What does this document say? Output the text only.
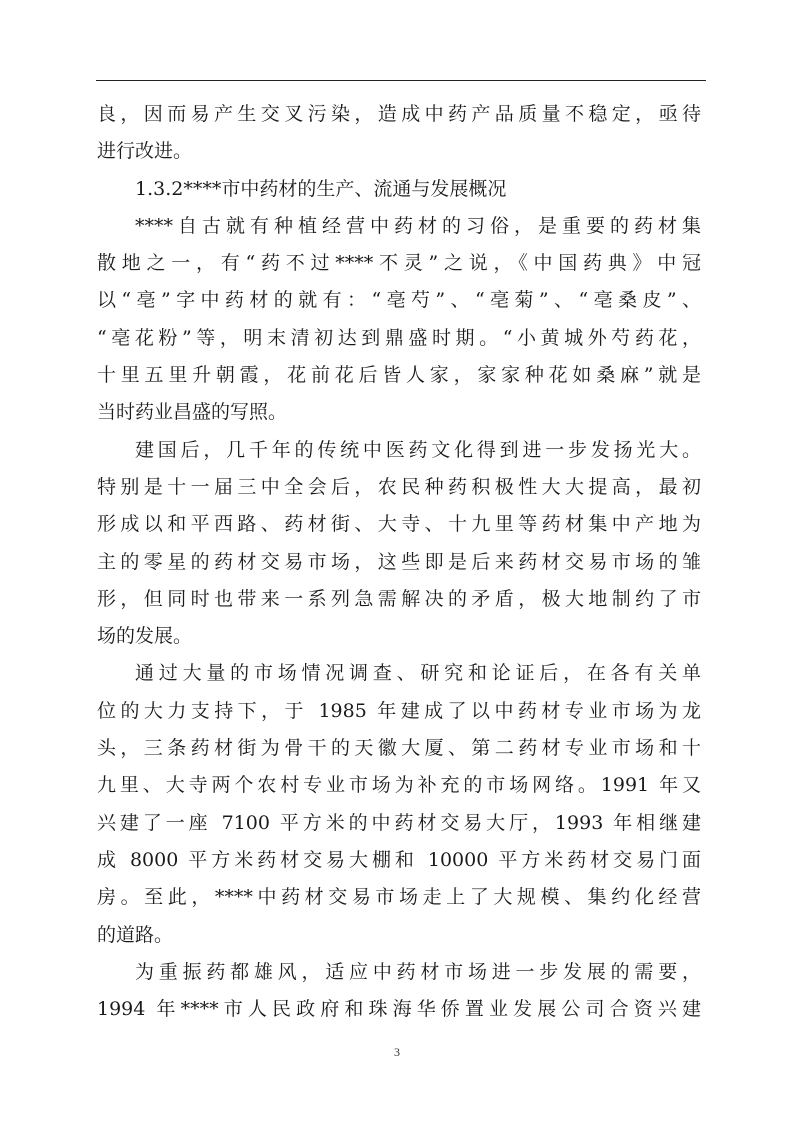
良，因而易产生交叉污染，造成中药产品质量不稳定，亟待
进行改进。
1.3.2****市中药材的生产、流通与发展概况
****自古就有种植经营中药材的习俗，是重要的药材集
散地之一，有“药不过****不灵”之说，《中国药典》中冠
以“亳”字中药材的就有：“亳芍”、“亳菊”、“亳桑皮”、
“亳花粉”等，明末清初达到鼎盛时期。“小黄城外芍药花，
十里五里升朝霞，花前花后皆人家，家家种花如桑麻”就是
当时药业昌盛的写照。
建国后，几千年的传统中医药文化得到进一步发扬光大。
特别是十一届三中全会后，农民种药积极性大大提高，最初
形成以和平西路、药材街、大寺、十九里等药材集中产地为
主的零星的药材交易市场，这些即是后来药材交易市场的雏
形，但同时也带来一系列急需解决的矛盾，极大地制约了市
场的发展。
通过大量的市场情况调查、研究和论证后，在各有关单
位的大力支持下，于 1985 年建成了以中药材专业市场为龙
头，三条药材街为骨干的天徽大厦、第二药材专业市场和十
九里、大寺两个农村专业市场为补充的市场网络。1991 年又
兴建了一座 7100 平方米的中药材交易大厅，1993 年相继建
成 8000 平方米药材交易大棚和 10000 平方米药材交易门面
房。至此，****中药材交易市场走上了大规模、集约化经营
的道路。
为重振药都雄风，适应中药材市场进一步发展的需要，
1994 年****市人民政府和珠海华侨置业发展公司合资兴建
3
